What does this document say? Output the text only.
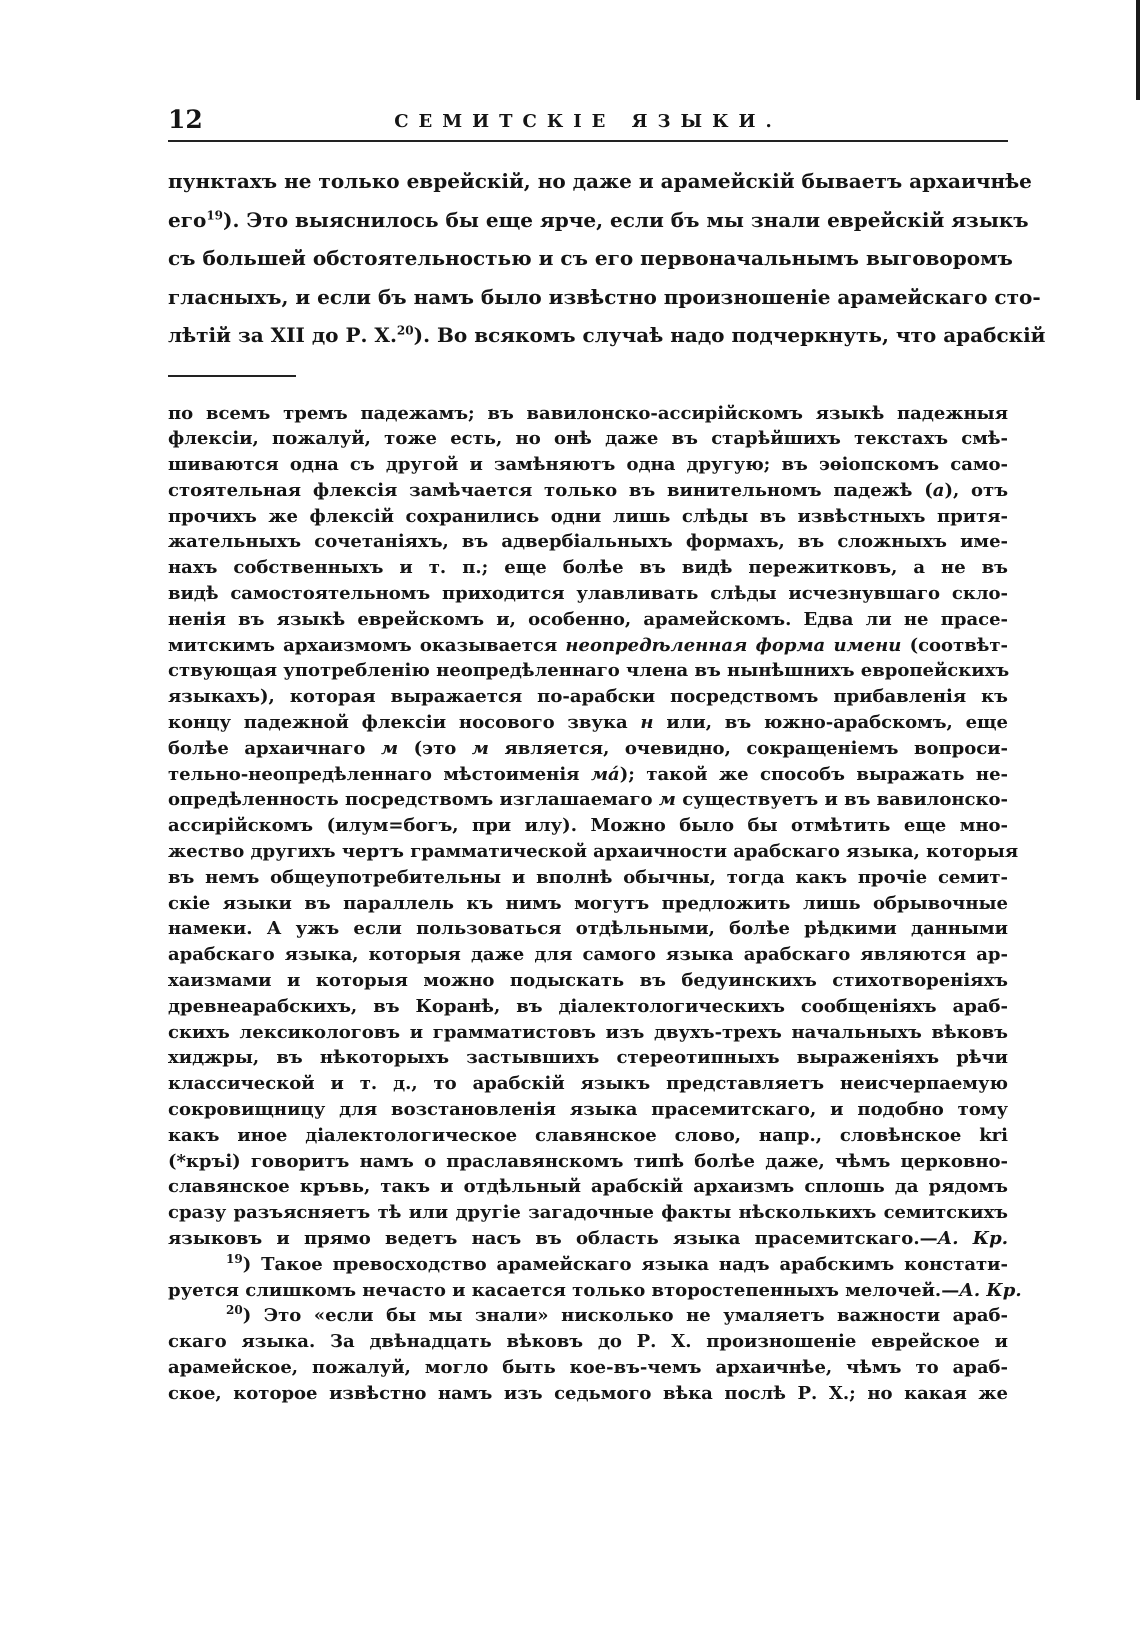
12	СЕМИТСКІЕ ЯЗЫКИ.
пунктахъ не только еврейскій, но даже и арамейскій бываетъ архаичнѣе
его$^{19}$). Это выяснилось бы еще ярче, если бъ мы знали еврейскій языкъ
съ большей обстоятельностью и съ его первоначальнымъ выговоромъ
гласныхъ, и если бъ намъ было извѣстно произношеніе арамейскаго сто-
лѣтій за XII до Р. Х.$^{20}$). Во всякомъ случаѣ надо подчеркнуть, что арабскій
по всемъ тремъ падежамъ; въ вавилонско-ассирійскомъ языкѣ падежныя
флексіи, пожалуй, тоже есть, но онѣ даже въ старѣйшихъ текстахъ смѣ-
шиваются одна съ другой и замѣняютъ одна другую; въ эѳіопскомъ само-
стоятельная флексія замѣчается только въ винительномъ падежѣ (a), отъ
прочихъ же флексій сохранились одни лишь слѣды въ извѣстныхъ притя-
жательныхъ сочетаніяхъ, въ адвербіальныхъ формахъ, въ сложныхъ име-
нахъ собственныхъ и т. п.; еще болѣе въ видѣ пережитковъ, а не въ
видѣ самостоятельномъ приходится улавливать слѣды исчезнувшаго скло-
ненія въ языкѣ еврейскомъ и, особенно, арамейскомъ. Едва ли не прасе-
митскимъ архаизмомъ оказывается неопредѣленная форма имени (соотвѣт-
ствующая употребленію неопредѣленнаго члена въ нынѣшнихъ европейскихъ
языкахъ), которая выражается по-арабски посредствомъ прибавленія къ
концу падежной флексіи носового звука н или, въ южно-арабскомъ, еще
болѣе архаичнаго м (это м является, очевидно, сокращеніемъ вопроси-
тельно-неопредѣленнаго мѣстоименія мá); такой же способъ выражать не-
опредѣленность посредствомъ изглашаемаго м существуетъ и въ вавилонско-
ассирійскомъ (илум=богъ, при илу). Можно было бы отмѣтить еще мно-
жество другихъ чертъ грамматической архаичности арабскаго языка, которыя
въ немъ общеупотребительны и вполнѣ обычны, тогда какъ прочіе семит-
скіе языки въ параллель къ нимъ могутъ предложить лишь обрывочные
намеки. А ужъ если пользоваться отдѣльными, болѣе рѣдкими данными
арабскаго языка, которыя даже для самого языка арабскаго являются ар-
хаизмами и которыя можно подыскать въ бедуинскихъ стихотвореніяхъ
древнеарабскихъ, въ Коранѣ, въ діалектологическихъ сообщеніяхъ араб-
скихъ лексикологовъ и грамматистовъ изъ двухъ-трехъ начальныхъ вѣковъ
хиджры, въ нѣкоторыхъ застывшихъ стереотипныхъ выраженіяхъ рѣчи
классической и т. д., то арабскій языкъ представляетъ неисчерпаемую
сокровищницу для возстановленія языка прасемитскаго, и подобно тому
какъ иное діалектологическое славянское слово, напр., словѣнское krі
(*кръі) говоритъ намъ о праславянскомъ типѣ болѣе даже, чѣмъ церковно-
славянское кръвь, такъ и отдѣльный арабскій архаизмъ сплошь да рядомъ
сразу разъясняетъ тѣ или другіе загадочные факты нѣсколькихъ семитскихъ
языковъ и прямо ведетъ насъ въ область языка прасемитскаго.—А. Кр.
$^{19}$) Такое превосходство арамейскаго языка надъ арабскимъ констати-
руется слишкомъ нечасто и касается только второстепенныхъ мелочей.—А. Кр.
$^{20}$) Это «если бы мы знали» нисколько не умаляетъ важности араб-
скаго языка. За двѣнадцать вѣковъ до Р. Х. произношеніе еврейское и
арамейское, пожалуй, могло быть кое-въ-чемъ архаичнѣе, чѣмъ то араб-
ское, которое извѣстно намъ изъ седьмого вѣка послѣ Р. Х.; но какая же
